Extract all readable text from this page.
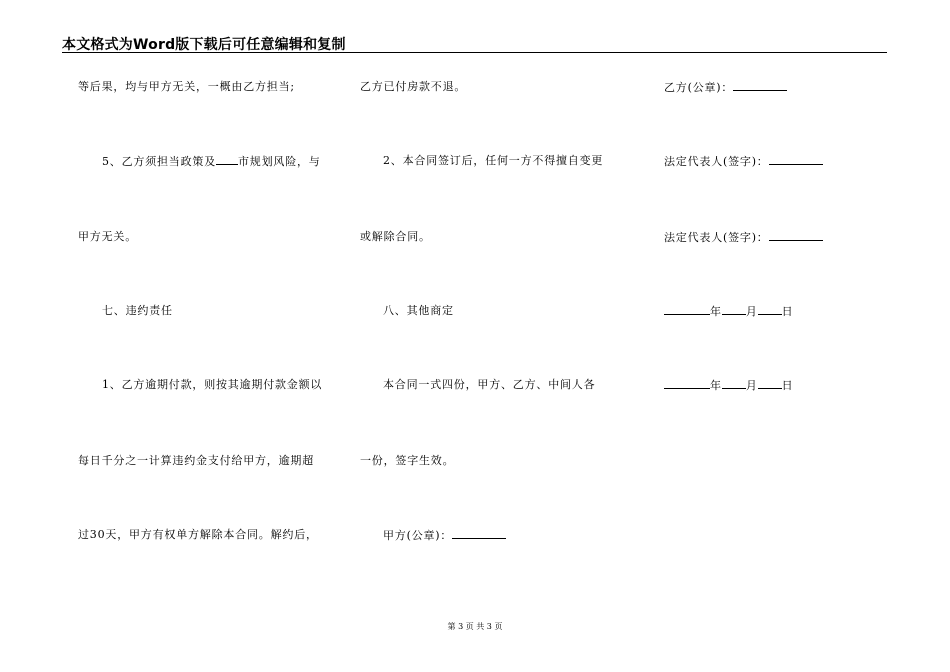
本文格式为Word版下载后可任意编辑和复制
等后果，均与甲方无关，一概由乙方担当;
5、乙方须担当政策及 市规划风险，与
甲方无关。
七、违约责任
1、乙方逾期付款，则按其逾期付款金额以
每日千分之一计算违约金支付给甲方，逾期超
过30天，甲方有权单方解除本合同。解约后，
乙方已付房款不退。
2、本合同签订后，任何一方不得擅自变更
或解除合同。
八、其他商定
本合同一式四份，甲方、乙方、中间人各
一份，签字生效。
甲方(公章)：
乙方(公章)：
法定代表人(签字)：
法定代表人(签字)：
年 月 日
年 月 日
第 3 页 共 3 页
